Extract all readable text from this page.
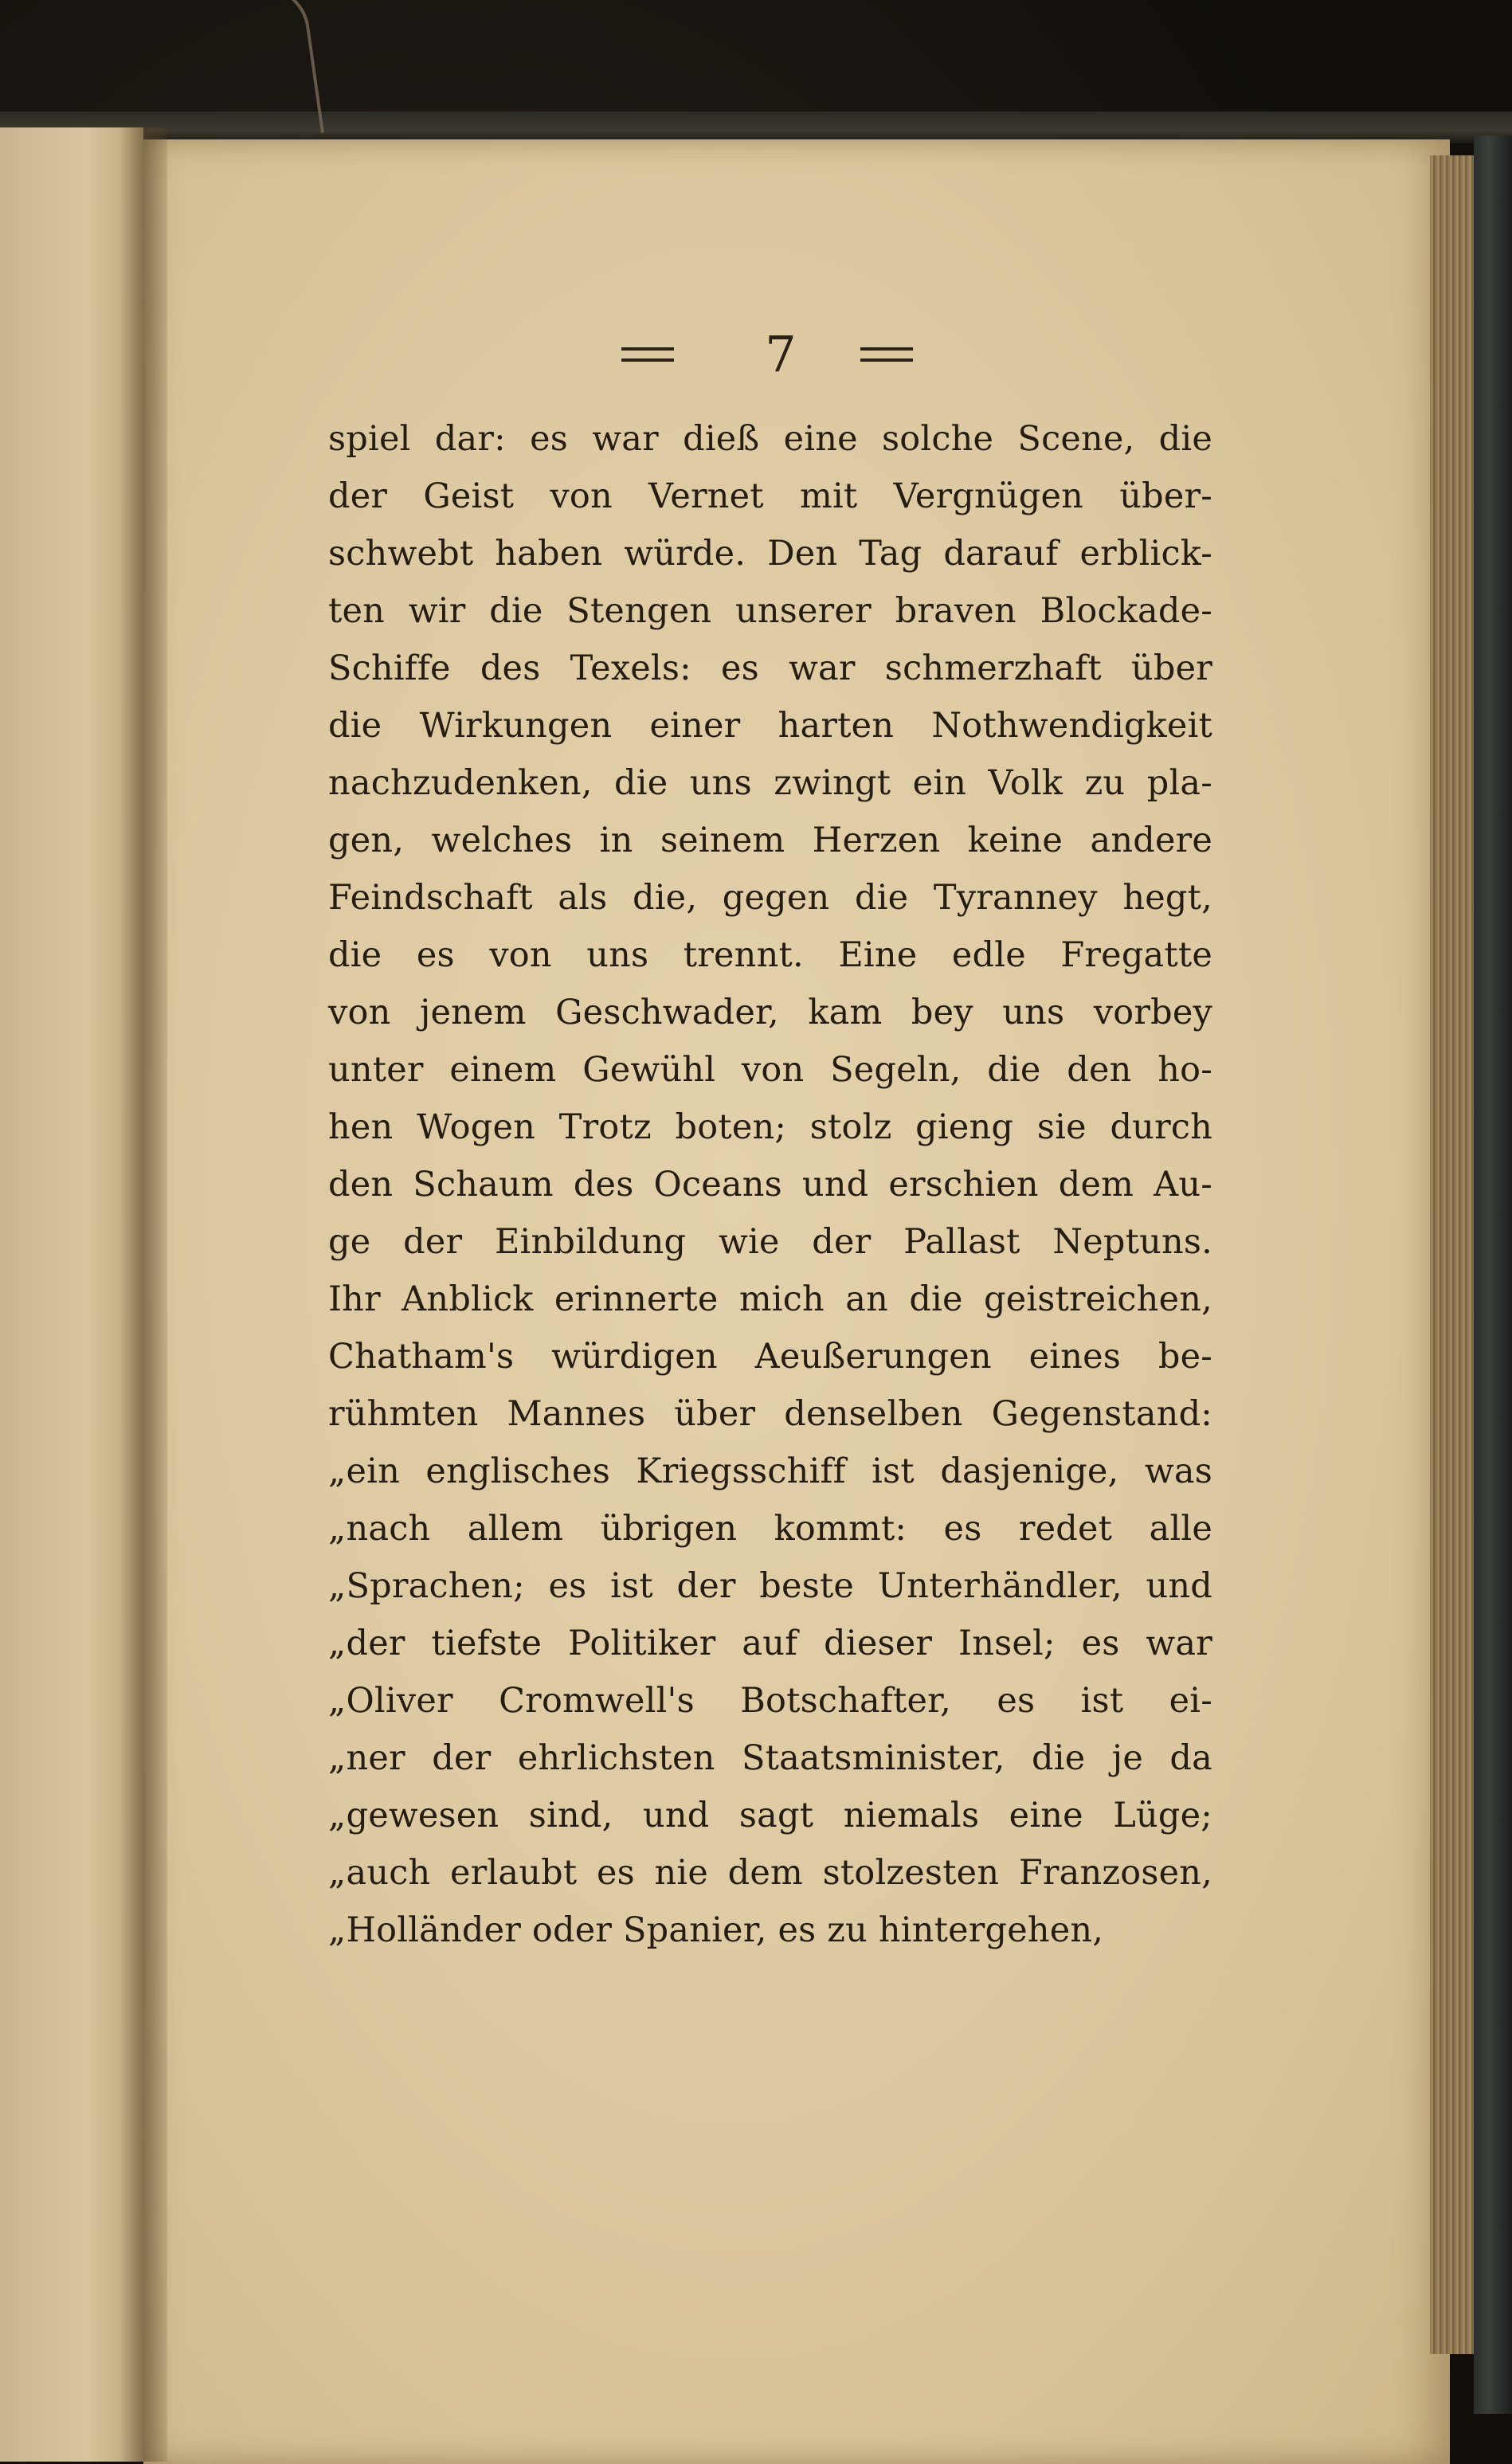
7
spiel dar: es war dieß eine solche Scene, die
der Geist von Vernet mit Vergnügen über-
schwebt haben würde. Den Tag darauf erblick-
ten wir die Stengen unserer braven Blockade-
Schiffe des Texels: es war schmerzhaft über
die Wirkungen einer harten Nothwendigkeit
nachzudenken, die uns zwingt ein Volk zu pla-
gen, welches in seinem Herzen keine andere
Feindschaft als die, gegen die Tyranney hegt,
die es von uns trennt. Eine edle Fregatte
von jenem Geschwader, kam bey uns vorbey
unter einem Gewühl von Segeln, die den ho-
hen Wogen Trotz boten; stolz gieng sie durch
den Schaum des Oceans und erschien dem Au-
ge der Einbildung wie der Pallast Neptuns.
Ihr Anblick erinnerte mich an die geistreichen,
Chatham's würdigen Aeußerungen eines be-
rühmten Mannes über denselben Gegenstand:
„ein englisches Kriegsschiff ist dasjenige, was
„nach allem übrigen kommt: es redet alle
„Sprachen; es ist der beste Unterhändler, und
„der tiefste Politiker auf dieser Insel; es war
„Oliver Cromwell's Botschafter, es ist ei-
„ner der ehrlichsten Staatsminister, die je da
„gewesen sind, und sagt niemals eine Lüge;
„auch erlaubt es nie dem stolzesten Franzosen,
„Holländer oder Spanier, es zu hintergehen,
